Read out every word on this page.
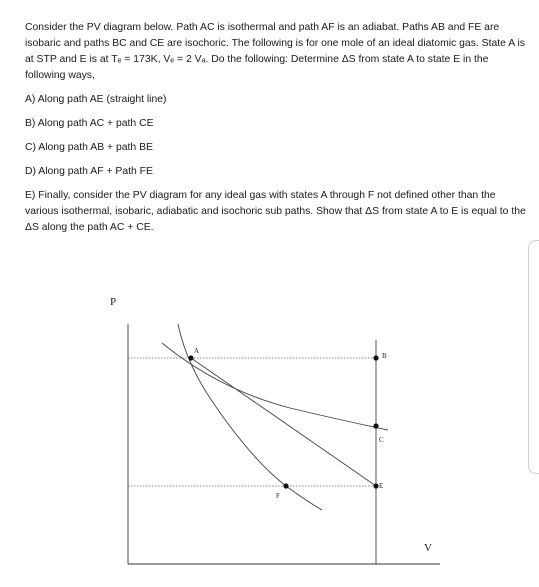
Consider the PV diagram below. Path AC is isothermal and path AF is an adiabat. Paths AB and FE are isobaric and paths BC and CE are isochoric. The following is for one mole of an ideal diatomic gas. State A is at STP and E is at Tₑ = 173K, Vₑ = 2 Vₐ. Do the following: Determine ΔS from state A to state E in the following ways,

A) Along path AE (straight line)

B) Along path AC + path CE

C) Along path AB + path BE

D) Along path AF + Path FE

E) Finally, consider the PV diagram for any ideal gas with states A through F not defined other than the various isothermal, isobaric, adiabatic and isochoric sub paths. Show that ΔS from state A to E is equal to the ΔS along the path AC + CE.

P
V
A
B
C
E
F
